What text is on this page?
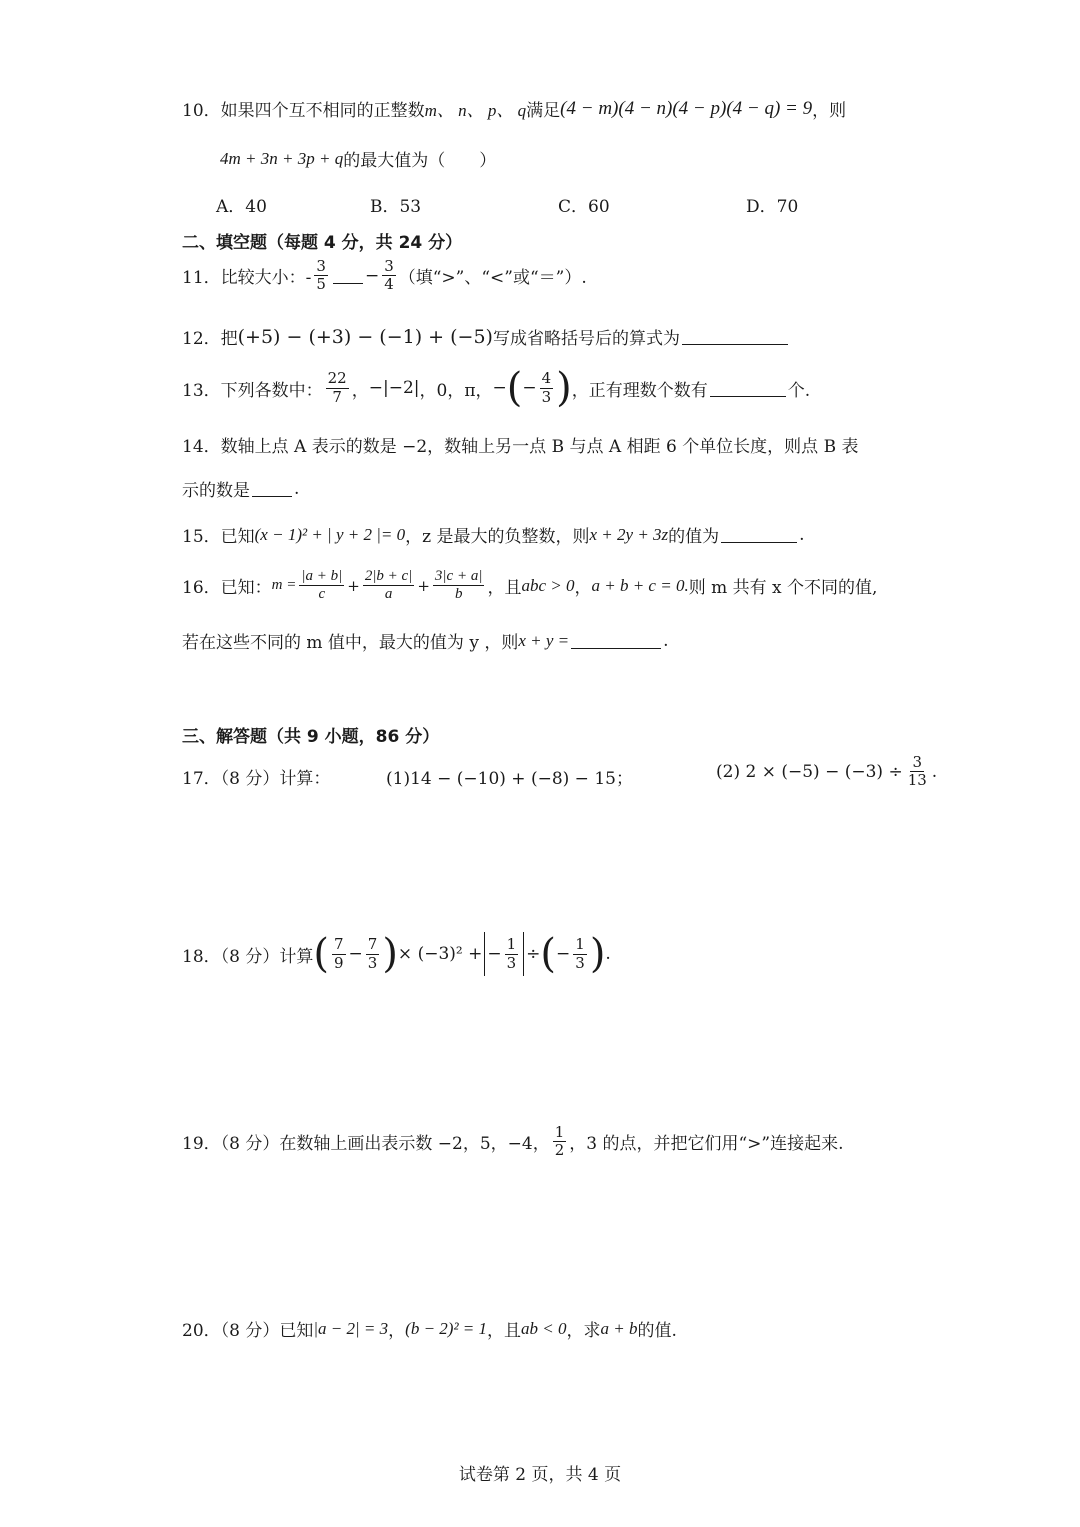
10． 如果四个互不相同的正整数 m、 n、 p、 q 满足 (4 − m)(4 − n)(4 − p)(4 − q) = 9 ，则
4m + 3n + 3p + q 的最大值为（　　）
A．40	B．53	C．60	D．70
二、填空题（每题 4 分，共 24 分）
11．比较大小：- $\frac{3}{5} - \frac{3}{4}$ （填“>”、“<”或“＝”）.
12．把 (+5) − (+3) − (−1) + (−5) 写成省略括号后的算式为
13．下列各数中： $\frac{22}{7}$ ， −|−2| ，0，π， − ( − $\frac{4}{3}$ ) ，正有理数个数有	个.
14．数轴上点 A 表示的数是 −2，数轴上另一点 B 与点 A 相距 6 个单位长度，则点 B 表
示的数是	.
15．已知 (x − 1)² + | y + 2 |= 0 ，z 是最大的负整数，则 x + 2y + 3z 的值为	.
16．已知： $m = \frac{|a + b|}{c} + \frac{2|b + c|}{a} + \frac{3|c + a|}{b}$ ，且 abc > 0 ， a + b + c = 0. 则 m 共有 x 个不同的值,
若在这些不同的 m 值中，最大的值为 y ，则 x + y =	.
三、解答题（共 9 小题，86 分）
17．（8 分）计算：	(1)14 − (−10) + (−8) − 15；	(2) $2 \times (-5) - (-3) \div \frac{3}{13}$ .
18．（8 分）计算 ( $\frac{7}{9} - \frac{7}{3}$ ) × (−3)² + − $\frac{1}{3}$ ÷ ( − $\frac{1}{3}$ ) .
19．（8 分）在数轴上画出表示数 −2，5，−4， $\frac{1}{2}$ ，3 的点，并把它们用“>”连接起来.
20．（8 分）已知 |a − 2| = 3 ， (b − 2)² = 1 ，且 ab < 0 ，求 a + b 的值.
试卷第 2 页，共 4 页
